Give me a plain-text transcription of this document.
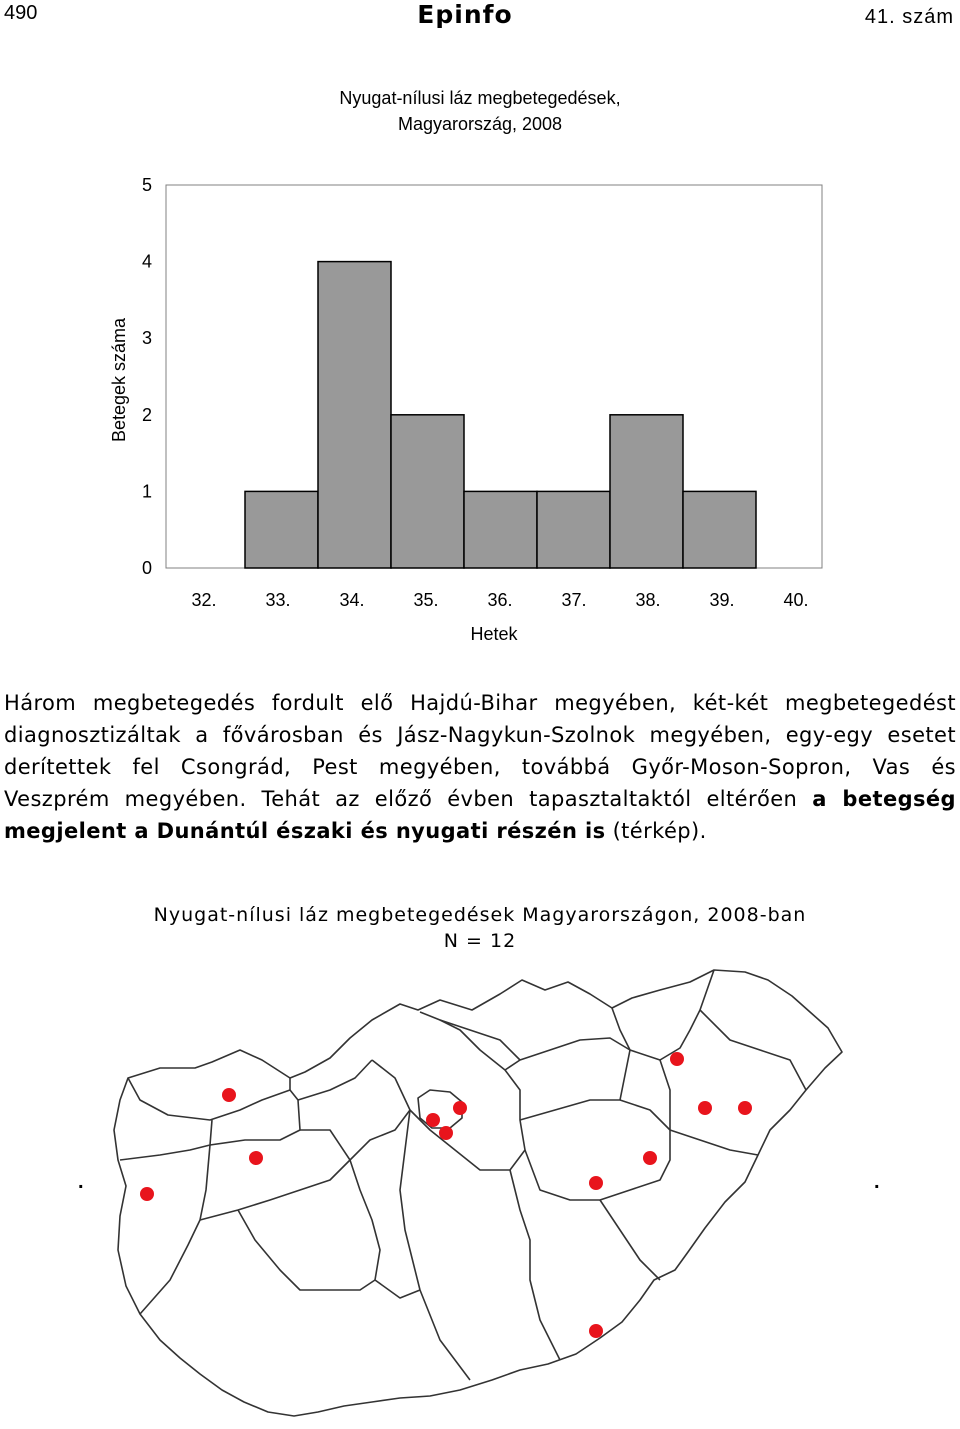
490	Epinfo	41. szám
Nyugat-nílusi láz megbetegedések,
Magyarország, 2008
0
1
2
3
4
5
32.	33.	34.	35.	36.	37.	38.	39.	40.
Betegek száma
Hetek
Három megbetegedés fordult elő Hajdú-Bihar megyében, két-két megbetegedést diagnosztizáltak a fővárosban és Jász-Nagykun-Szolnok megyében, egy-egy esetet derítettek fel Csongrád, Pest megyében, továbbá Győr-Moson-Sopron, Vas és Veszprém megyében. Tehát az előző évben tapasztaltaktól eltérően a betegség megjelent a Dunántúl északi és nyugati részén is (térkép).
Nyugat-nílusi láz megbetegedések Magyarországon, 2008-ban
N = 12
.	.
